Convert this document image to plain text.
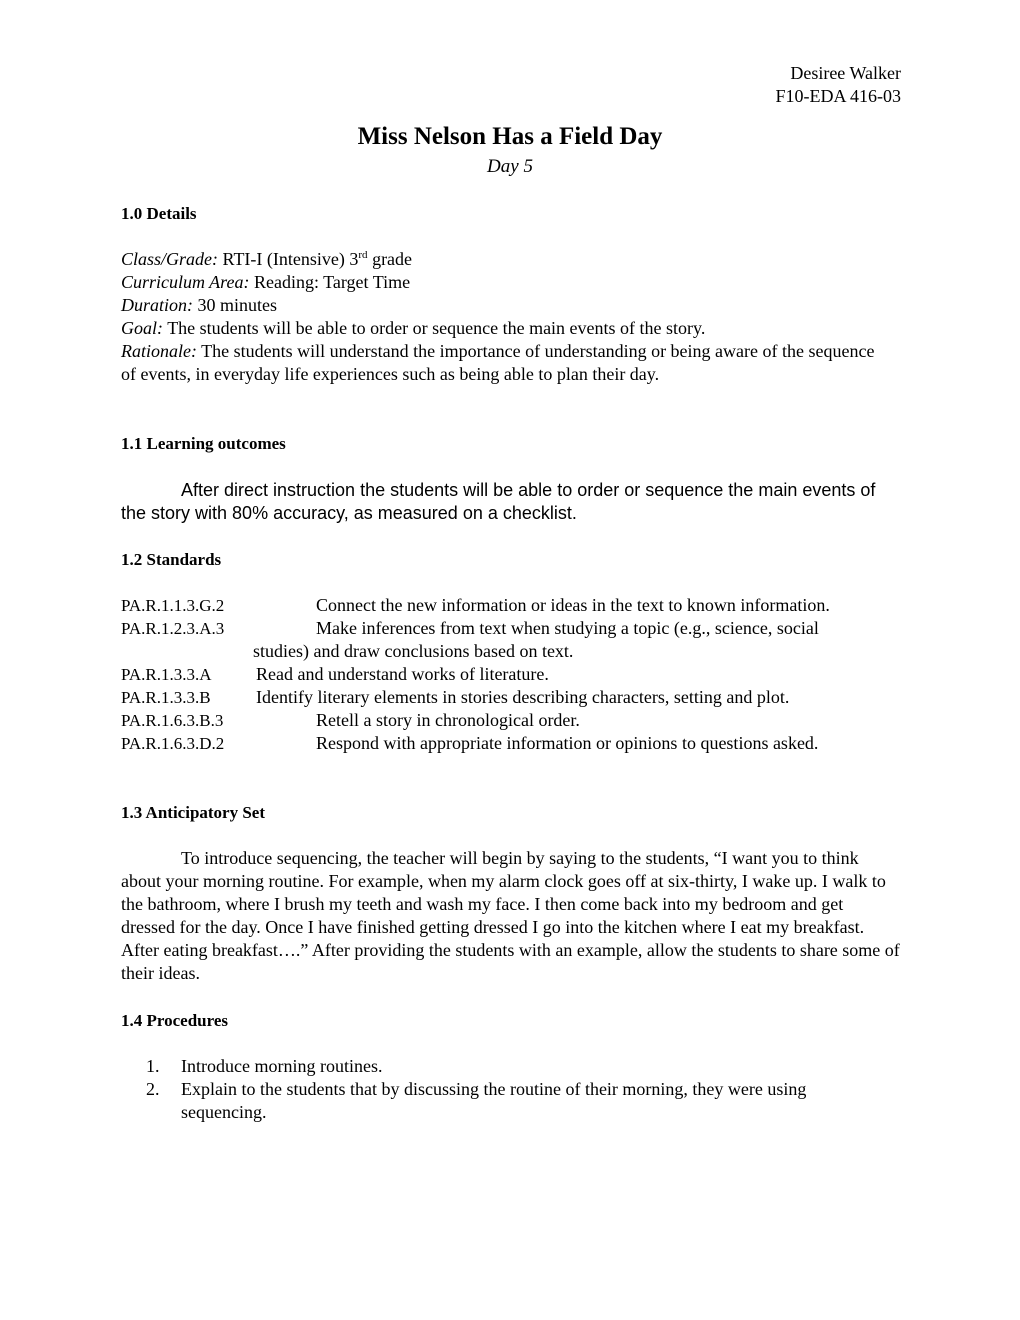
Desiree Walker
F10-EDA 416-03
Miss Nelson Has a Field Day
Day 5
1.0 Details
Class/Grade: RTI-I (Intensive) 3rd grade
Curriculum Area: Reading: Target Time
Duration: 30 minutes
Goal: The students will be able to order or sequence the main events of the story.
Rationale: The students will understand the importance of understanding or being aware of the sequence of events, in everyday life experiences such as being able to plan their day.
1.1 Learning outcomes
After direct instruction the students will be able to order or sequence the main events of the story with 80% accuracy, as measured on a checklist.
1.2 Standards
PA.R.1.1.3.G.2	Connect the new information or ideas in the text to known information.
PA.R.1.2.3.A.3	Make inferences from text when studying a topic (e.g., science, social
studies) and draw conclusions based on text.
PA.R.1.3.3.A Read and understand works of literature.
PA.R.1.3.3.B	Identify literary elements in stories describing characters, setting and plot.
PA.R.1.6.3.B.3	Retell a story in chronological order.
PA.R.1.6.3.D.2	Respond with appropriate information or opinions to questions asked.
1.3 Anticipatory Set
To introduce sequencing, the teacher will begin by saying to the students, “I want you to think about your morning routine. For example, when my alarm clock goes off at six-thirty, I wake up. I walk to the bathroom, where I brush my teeth and wash my face. I then come back into my bedroom and get dressed for the day. Once I have finished getting dressed I go into the kitchen where I eat my breakfast. After eating breakfast….” After providing the students with an example, allow the students to share some of their ideas.
1.4 Procedures
1. Introduce morning routines.
2. Explain to the students that by discussing the routine of their morning, they were using sequencing.
